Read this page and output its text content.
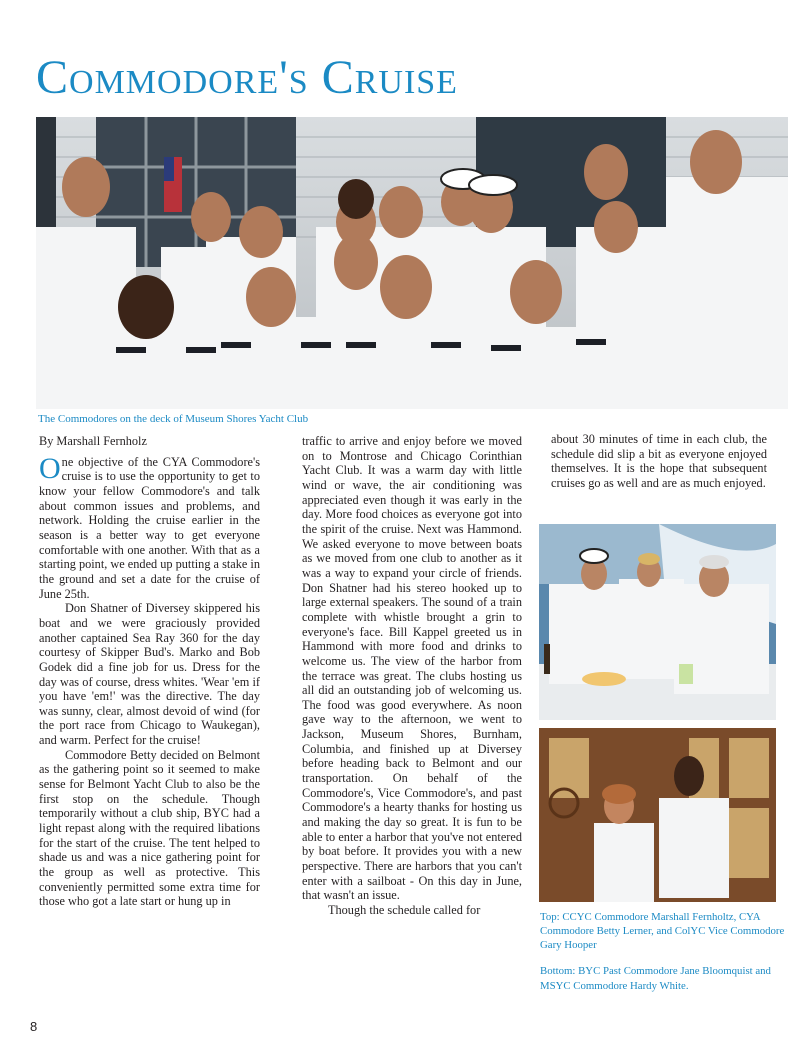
Commodore's Cruise
The Commodores on the deck of Museum Shores Yacht Club

By Marshall Fernholz

One objective of the CYA Commodore's cruise is to use the opportunity to get to know your fellow Commodore's and talk about common issues and problems, and network. Holding the cruise earlier in the season is a better way to get everyone comfortable with one another. With that as a starting point, we ended up putting a stake in the ground and set a date for the cruise of June 25th.

Don Shatner of Diversey skippered his boat and we were graciously provided another captained Sea Ray 360 for the day courtesy of Skipper Bud's. Marko and Bob Godek did a fine job for us. Dress for the day was of course, dress whites. 'Wear 'em if you have 'em!' was the directive. The day was sunny, clear, almost devoid of wind (for the port race from Chicago to Waukegan), and warm. Perfect for the cruise!

Commodore Betty decided on Belmont as the gathering point so it seemed to make sense for Belmont Yacht Club to also be the first stop on the schedule. Though temporarily without a club ship, BYC had a light repast along with the required libations for the start of the cruise. The tent helped to shade us and was a nice gathering point for the group as well as protective. This conveniently permitted some extra time for those who got a late start or hung up in

traffic to arrive and enjoy before we moved on to Montrose and Chicago Corinthian Yacht Club. It was a warm day with little wind or wave, the air conditioning was appreciated even though it was early in the day. More food choices as everyone got into the spirit of the cruise. Next was Hammond. We asked everyone to move between boats as we moved from one club to another as it was a way to expand your circle of friends. Don Shatner had his stereo hooked up to large external speakers. The sound of a train complete with whistle brought a grin to everyone's face. Bill Kappel greeted us in Hammond with more food and drinks to welcome us. The view of the harbor from the terrace was great. The clubs hosting us all did an outstanding job of welcoming us. The food was good everywhere. As noon gave way to the afternoon, we went to Jackson, Museum Shores, Burnham, Columbia, and finished up at Diversey before heading back to Belmont and our transportation. On behalf of the Commodore's, Vice Commodore's, and past Commodore's a hearty thanks for hosting us and making the day so great. It is fun to be able to enter a harbor that you've not entered by boat before. It provides you with a new perspective. There are harbors that you can't enter with a sailboat - On this day in June, that wasn't an issue.

Though the schedule called for

about 30 minutes of time in each club, the schedule did slip a bit as everyone enjoyed themselves. It is the hope that subsequent cruises go as well and are as much enjoyed.

Top: CCYC Commodore Marshall Fernholtz, CYA Commodore Betty Lerner, and ColYC Vice Commodore Gary Hooper
Bottom: BYC Past Commodore Jane Bloomquist and MSYC Commodore Hardy White.
8
